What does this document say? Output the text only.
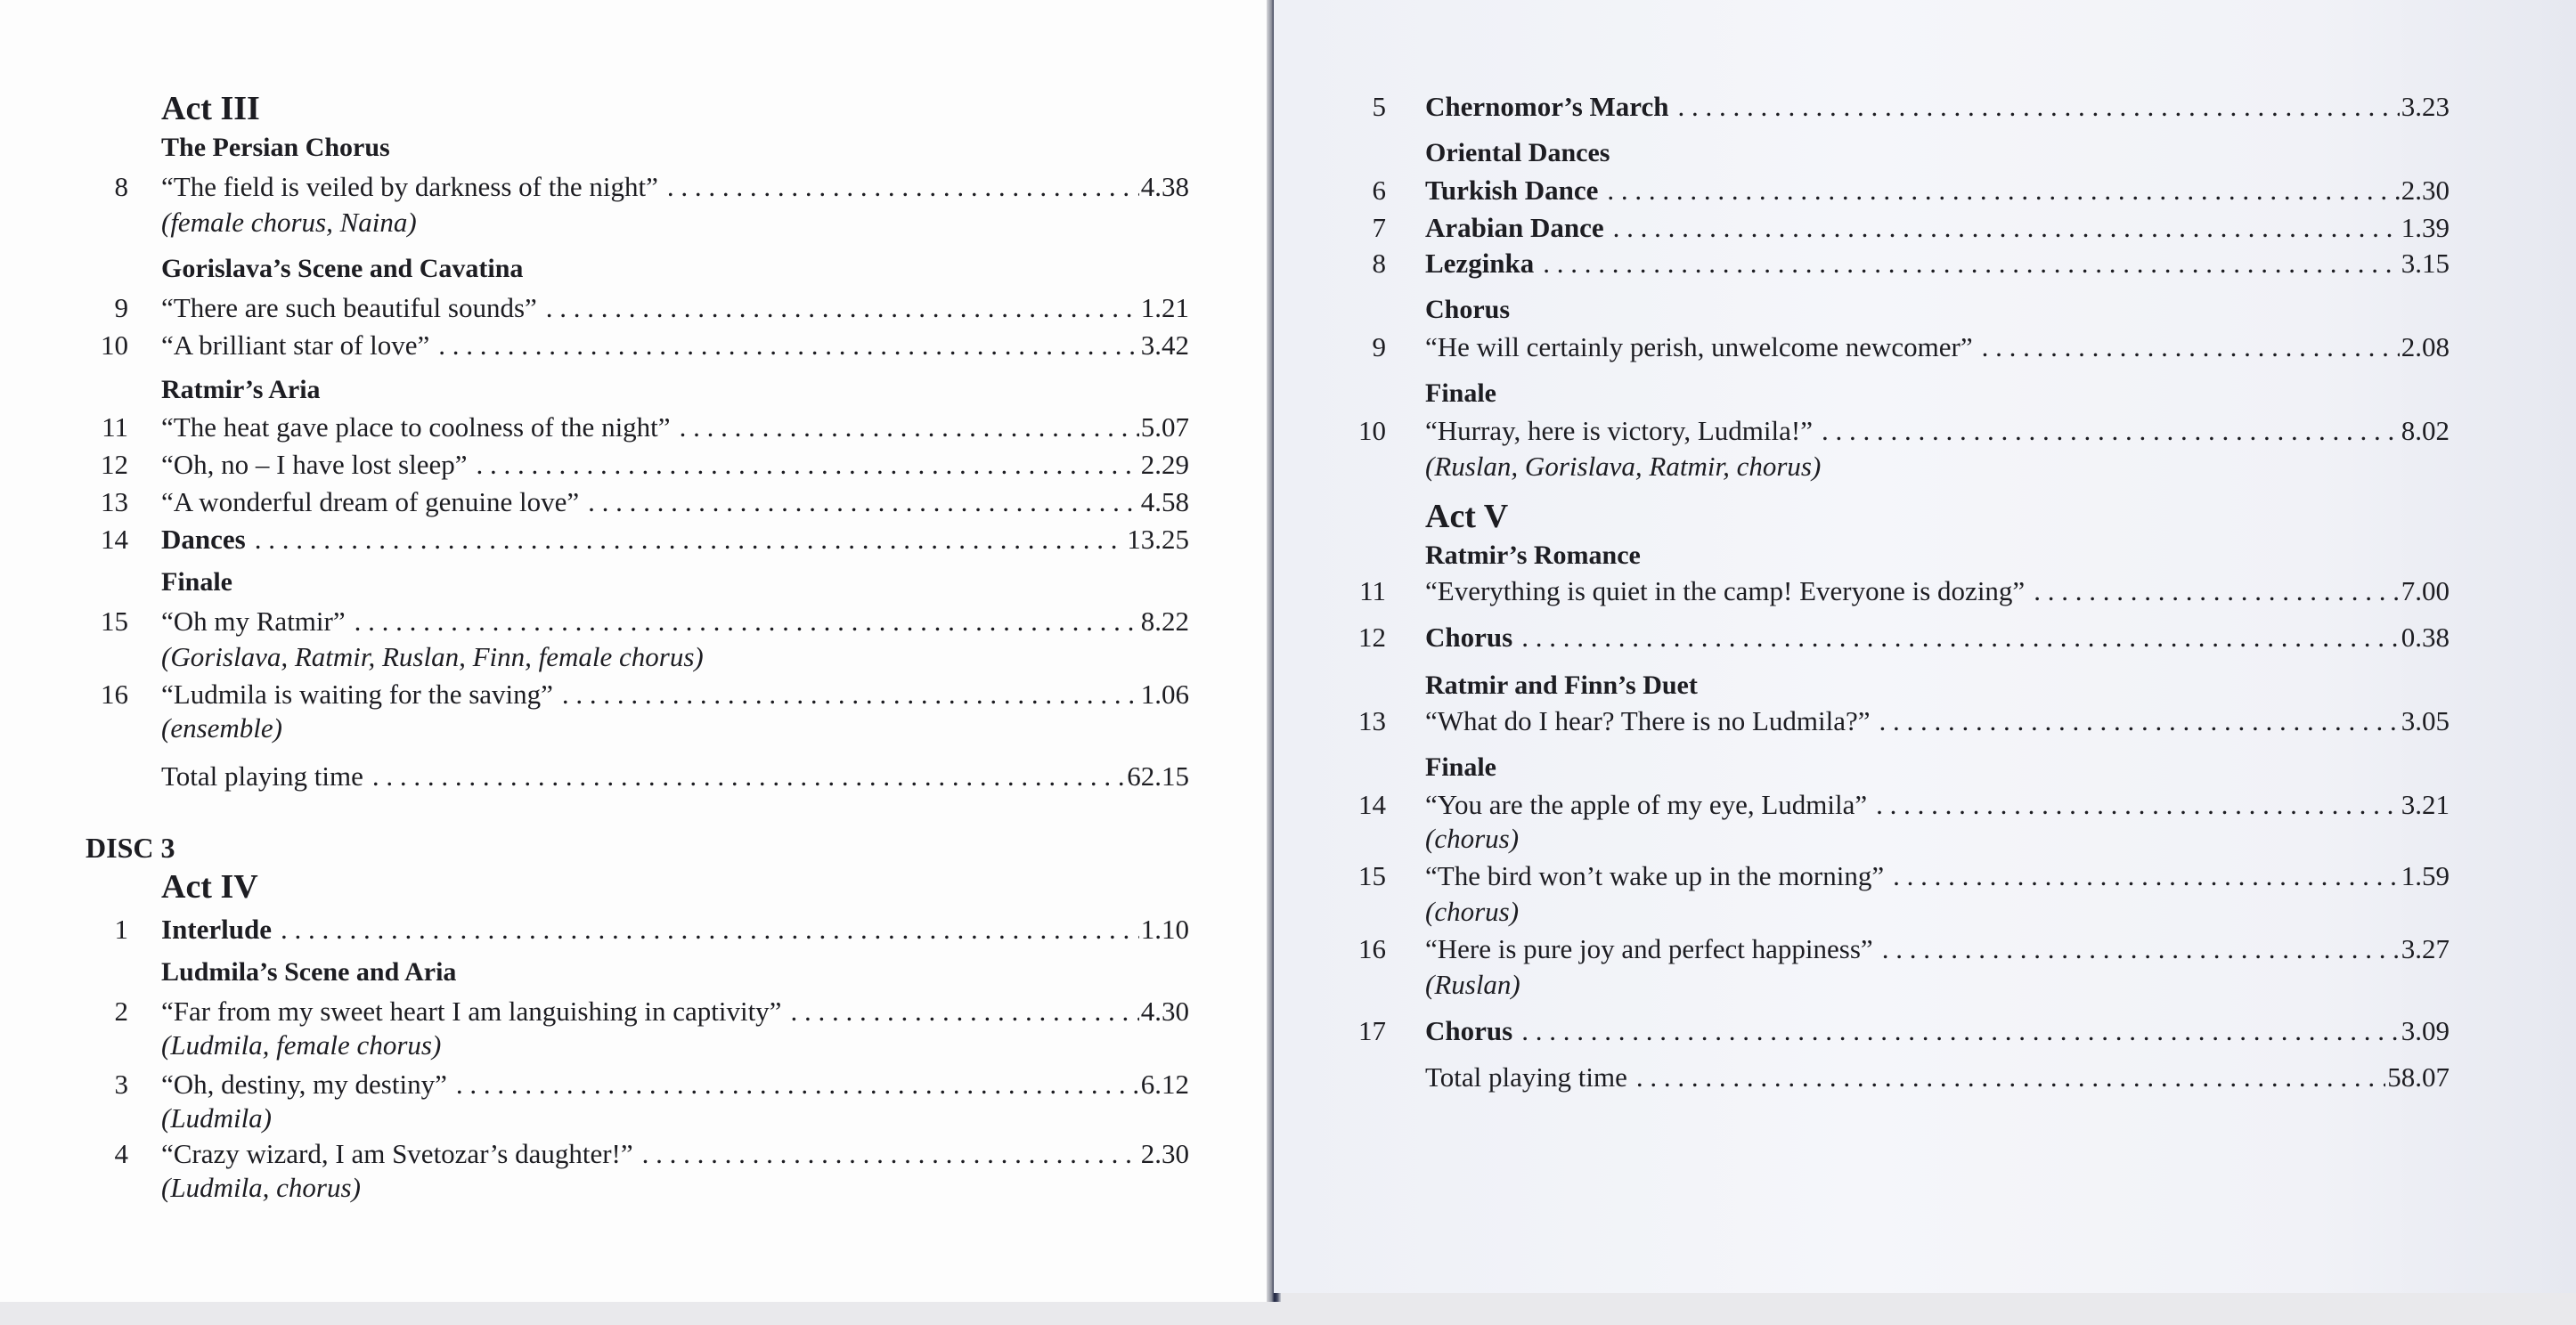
Act III
The Persian Chorus
8 “The field is veiled by darkness of the night” . . .	4.38
(female chorus, Naina)
Gorislava’s Scene and Cavatina
9 “There are such beautiful sounds” . . .	1.21
10 “A brilliant star of love” . . .	3.42
Ratmir’s Aria
11 “The heat gave place to coolness of the night” . . .	5.07
12 “Oh, no – I have lost sleep” . . .	2.29
13 “A wonderful dream of genuine love” . . .	4.58
14 Dances . . .	13.25
Finale
15 “Oh my Ratmir” . . .	8.22
(Gorislava, Ratmir, Ruslan, Finn, female chorus)
16 “Ludmila is waiting for the saving” . . .	1.06
(ensemble)
Total playing time . . .	62.15
DISC 3
Act IV
1 Interlude . . .	1.10
Ludmila’s Scene and Aria
2 “Far from my sweet heart I am languishing in captivity” . . .	4.30
(Ludmila, female chorus)
3 “Oh, destiny, my destiny” . . .	6.12
(Ludmila)
4 “Crazy wizard, I am Svetozar’s daughter!” . . .	2.30
(Ludmila, chorus)
5 Chernomor’s March . . .	3.23
Oriental Dances
6 Turkish Dance . . .	2.30
7 Arabian Dance . . .	1.39
8 Lezginka . . .	3.15
Chorus
9 “He will certainly perish, unwelcome newcomer” . . .	2.08
Finale
10 “Hurray, here is victory, Ludmila!” . . .	8.02
(Ruslan, Gorislava, Ratmir, chorus)
Act V
Ratmir’s Romance
11 “Everything is quiet in the camp! Everyone is dozing” . . .	7.00
12 Chorus . . .	0.38
Ratmir and Finn’s Duet
13 “What do I hear? There is no Ludmila?” . . .	3.05
Finale
14 “You are the apple of my eye, Ludmila” . . .	3.21
(chorus)
15 “The bird won’t wake up in the morning” . . .	1.59
(chorus)
16 “Here is pure joy and perfect happiness” . . .	3.27
(Ruslan)
17 Chorus . . .	3.09
Total playing time . . .	58.07
